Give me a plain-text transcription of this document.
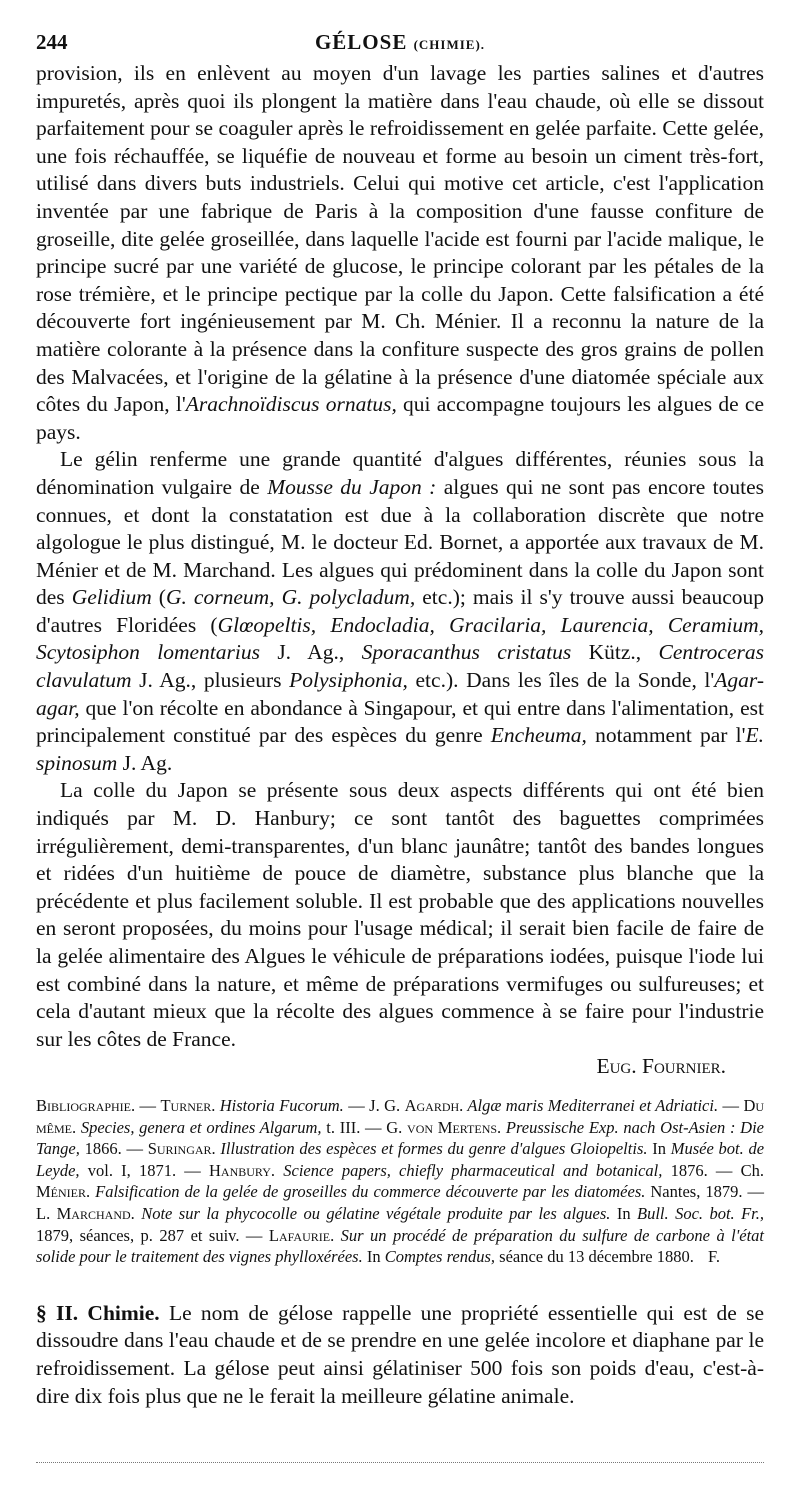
244	GÉLOSE (CHIMIE).

provision, ils en enlèvent au moyen d'un lavage les parties salines et d'autres impuretés, après quoi ils plongent la matière dans l'eau chaude, où elle se dissout parfaitement pour se coaguler après le refroidissement en gelée parfaite. Cette gelée, une fois réchauffée, se liquéfie de nouveau et forme au besoin un ciment très-fort, utilisé dans divers buts industriels. Celui qui motive cet article, c'est l'application inventée par une fabrique de Paris à la composition d'une fausse confiture de groseille, dite gelée groseillée, dans laquelle l'acide est fourni par l'acide malique, le principe sucré par une variété de glucose, le principe colorant par les pétales de la rose trémière, et le principe pectique par la colle du Japon. Cette falsification a été découverte fort ingénieusement par M. Ch. Ménier. Il a reconnu la nature de la matière colorante à la présence dans la confiture suspecte des gros grains de pollen des Malvacées, et l'origine de la gélatine à la présence d'une diatomée spéciale aux côtes du Japon, l'Arachnoïdiscus ornatus, qui accompagne toujours les algues de ce pays.

Le gélin renferme une grande quantité d'algues différentes, réunies sous la dénomination vulgaire de Mousse du Japon : algues qui ne sont pas encore toutes connues, et dont la constatation est due à la collaboration discrète que notre algologue le plus distingué, M. le docteur Ed. Bornet, a apportée aux travaux de M. Ménier et de M. Marchand. Les algues qui prédominent dans la colle du Japon sont des Gelidium (G. corneum, G. polycladum, etc.); mais il s'y trouve aussi beaucoup d'autres Floridées (Glœopeltis, Endocladia, Gracilaria, Laurencia, Ceramium, Scytosiphon lomentarius J. Ag., Sporacanthus cristatus Kütz., Centroceras clavulatum J. Ag., plusieurs Polysiphonia, etc.). Dans les îles de la Sonde, l'Agar-agar, que l'on récolte en abondance à Singapour, et qui entre dans l'alimentation, est principalement constitué par des espèces du genre Encheuma, notamment par l'E. spinosum J. Ag.

La colle du Japon se présente sous deux aspects différents qui ont été bien indiqués par M. D. Hanbury; ce sont tantôt des baguettes comprimées irrégulièrement, demi-transparentes, d'un blanc jaunâtre; tantôt des bandes longues et ridées d'un huitième de pouce de diamètre, substance plus blanche que la précédente et plus facilement soluble. Il est probable que des applications nouvelles en seront proposées, du moins pour l'usage médical; il serait bien facile de faire de la gelée alimentaire des Algues le véhicule de préparations iodées, puisque l'iode lui est combiné dans la nature, et même de préparations vermifuges ou sulfureuses; et cela d'autant mieux que la récolte des algues commence à se faire pour l'industrie sur les côtes de France.

Eug. Fournier.
Bibliographie. — Turner. Historia Fucorum. — J. G. Agardh. Algæ maris Mediterranei et Adriatici. — Du même. Species, genera et ordines Algarum, t. III. — G. von Mertens. Preussische Exp. nach Ost-Asien : Die Tange, 1866. — Suringar. Illustration des espèces et formes du genre d'algues Gloiopeltis. In Musée bot. de Leyde, vol. I, 1871. — Hanbury. Science papers, chiefly pharmaceutical and botanical, 1876. — Ch. Ménier. Falsification de la gelée de groseilles du commerce découverte par les diatomées. Nantes, 1879. — L. Marchand. Note sur la phycocolle ou gélatine végétale produite par les algues. In Bull. Soc. bot. Fr., 1879, séances, p. 287 et suiv. — Lafaurie. Sur un procédé de préparation du sulfure de carbone à l'état solide pour le traitement des vignes phylloxérées. In Comptes rendus, séance du 13 décembre 1880. F.
§ II. Chimie. Le nom de gélose rappelle une propriété essentielle qui est de se dissoudre dans l'eau chaude et de se prendre en une gelée incolore et diaphane par le refroidissement. La gélose peut ainsi gélatiniser 500 fois son poids d'eau, c'est-à-dire dix fois plus que ne le ferait la meilleure gélatine animale.
